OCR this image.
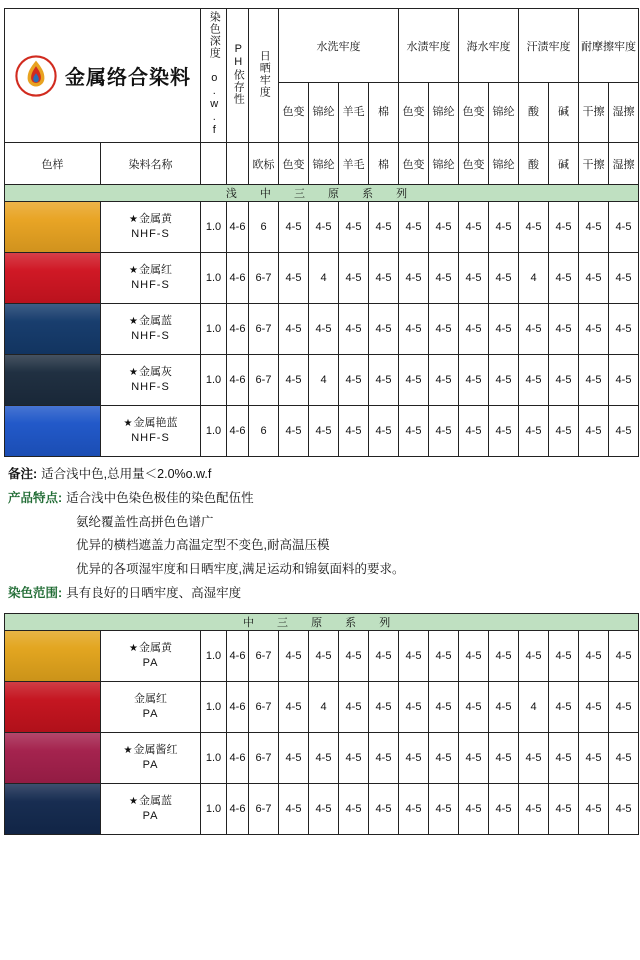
金属络合染料		染色深度 o.w.f	PH依存性	日晒牢度	水洗牢度				水渍牢度		海水牢度		汗渍牢度		耐摩擦牢度	
					色变	锦纶	羊毛	棉	色变	锦纶	色变	锦纶	酸	碱	干擦	湿擦
色样	染料名称			欧标	色变	锦纶	羊毛	棉	色变	锦纶	色变	锦纶	酸	碱	干擦	湿擦
浅 中 三 原 系 列																

	★金属黄
NHF-S	1.0	4-6	6	4-5	4-5	4-5	4-5	4-5	4-5	4-5	4-5	4-5	4-5	4-5	4-5

	★金属红
NHF-S	1.0	4-6	6-7	4-5	4	4-5	4-5	4-5	4-5	4-5	4-5	4	4-5	4-5	4-5

	★金属蓝
NHF-S	1.0	4-6	6-7	4-5	4-5	4-5	4-5	4-5	4-5	4-5	4-5	4-5	4-5	4-5	4-5

	★金属灰
NHF-S	1.0	4-6	6-7	4-5	4	4-5	4-5	4-5	4-5	4-5	4-5	4-5	4-5	4-5	4-5

	★金属艳蓝
NHF-S	1.0	4-6	6	4-5	4-5	4-5	4-5	4-5	4-5	4-5	4-5	4-5	4-5	4-5	4-5
备注: 适合浅中色,总用量＜2.0%o.w.f
产品特点: 适合浅中色染色极佳的染色配伍性
氨纶覆盖性高拼色色谱广
优异的横档遮盖力高温定型不变色,耐高温压模
优异的各项湿牢度和日晒牢度,满足运动和锦氨面料的要求。
染色范围: 具有良好的日晒牢度、高湿牢度
中 三 原 系 列																

	★金属黄
PA	1.0	4-6	6-7	4-5	4-5	4-5	4-5	4-5	4-5	4-5	4-5	4-5	4-5	4-5	4-5

	金属红
PA	1.0	4-6	6-7	4-5	4	4-5	4-5	4-5	4-5	4-5	4-5	4	4-5	4-5	4-5

	★金属酱红
PA	1.0	4-6	6-7	4-5	4-5	4-5	4-5	4-5	4-5	4-5	4-5	4-5	4-5	4-5	4-5

	★金属蓝
PA	1.0	4-6	6-7	4-5	4-5	4-5	4-5	4-5	4-5	4-5	4-5	4-5	4-5	4-5	4-5
